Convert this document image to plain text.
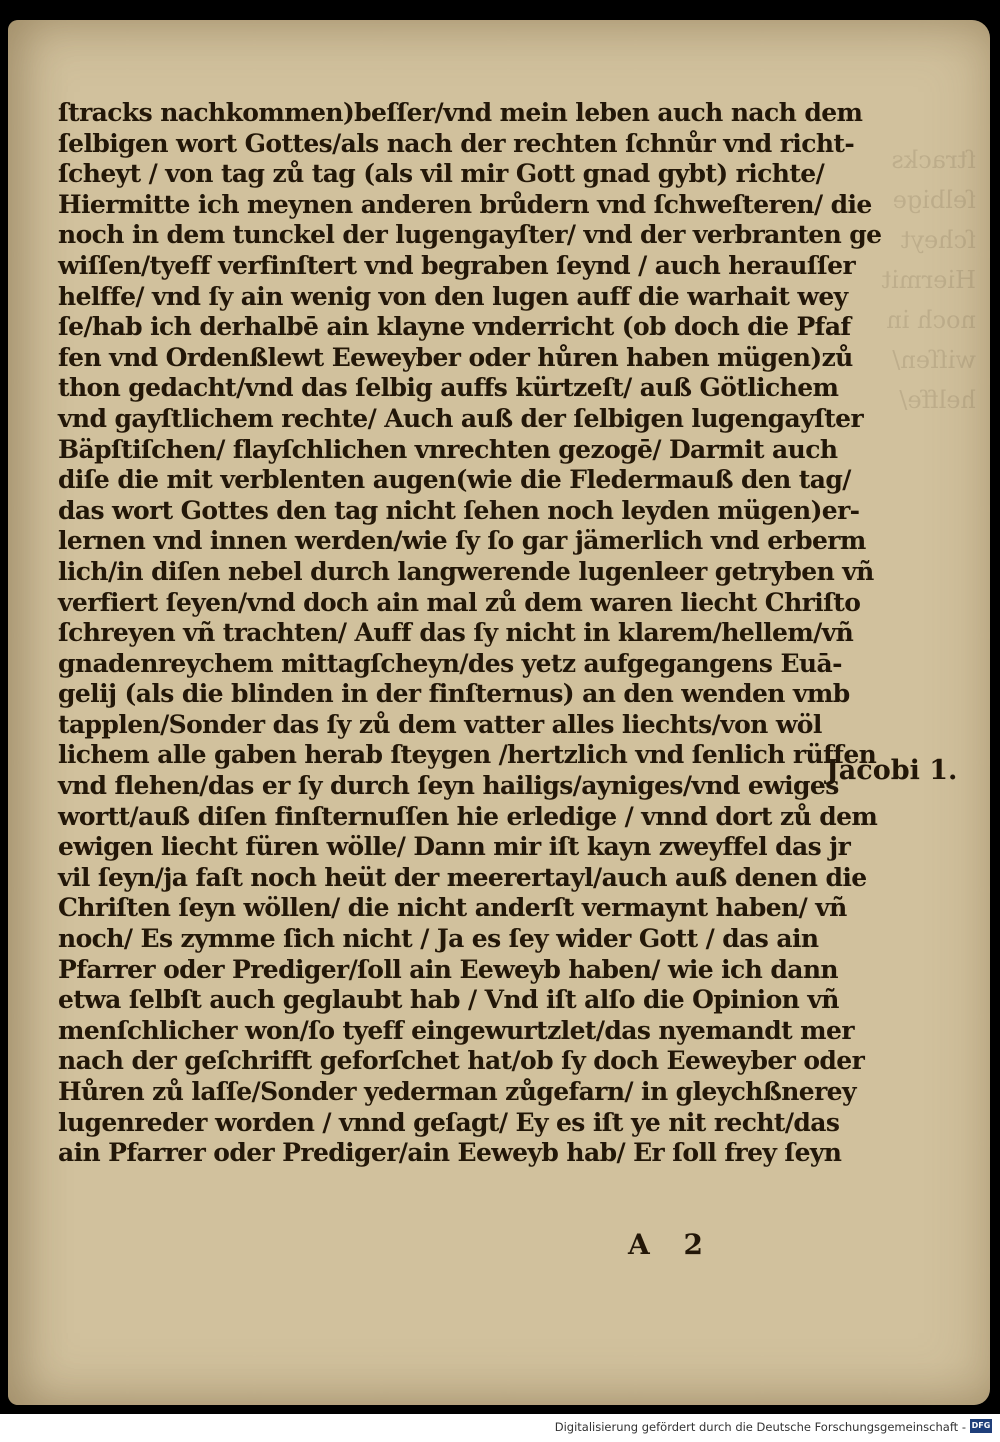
ſtracks
ſelbige
ſcheyt
Hiermit
noch in
wiſſen/
helffe/
ſtracks nachkommen)beſſer/vnd mein leben auch nach dem
ſelbigen wort Gottes/als nach der rechten ſchnůr vnd richt-
ſcheyt / von tag zů tag (als vil mir Gott gnad gybt) richte/
Hiermitte ich meynen anderen brůdern vnd ſchweſteren/ die
noch in dem tunckel der lugengayſter/ vnd der verbranten ge
wiſſen/tyeff verfinſtert vnd begraben ſeynd / auch herauſſer
helffe/ vnd ſy ain wenig von den lugen auff die warhait wey
ſe/hab ich derhalbē ain klayne vnderricht (ob doch die Pfaf
fen vnd Ordenßlewt Eeweyber oder hůren haben mügen)zů
thon gedacht/vnd das ſelbig auffs kürtzeſt/ auß Götlichem
vnd gayſtlichem rechte/ Auch auß der ſelbigen lugengayſter
Bäpſtiſchen/ flayſchlichen vnrechten gezogē/ Darmit auch
diſe die mit verblenten augen(wie die Fledermauß den tag/
das wort Gottes den tag nicht ſehen noch leyden mügen)er-
lernen vnd innen werden/wie ſy ſo gar jämerlich vnd erberm
lich/in diſen nebel durch langwerende lugenleer getryben vñ
verfiert ſeyen/vnd doch ain mal zů dem waren liecht Chriſto
ſchreyen vñ trachten/ Auff das ſy nicht in klarem/hellem/vñ
gnadenreychem mittagſcheyn/des yetz aufgegangens Euā-
gelij (als die blinden in der finſternus) an den wenden vmb
tapplen/Sonder das ſy zů dem vatter alles liechts/von wöl
lichem alle gaben herab ſteygen /hertzlich vnd ſenlich rüffen
vnd flehen/das er ſy durch ſeyn hailigs/ayniges/vnd ewiges
wortt/auß diſen finſternuſſen hie erledige / vnnd dort zů dem
ewigen liecht füren wölle/ Dann mir iſt kayn zweyffel das jr
vil ſeyn/ja faſt noch heüt der meerertayl/auch auß denen die
Chriſten ſeyn wöllen/ die nicht anderſt vermaynt haben/ vñ
noch/ Es zymme ſich nicht / Ja es ſey wider Gott / das ain
Pfarrer oder Prediger/ſoll ain Eeweyb haben/ wie ich dann
etwa ſelbſt auch geglaubt hab / Vnd iſt alſo die Opinion vñ
menſchlicher won/ſo tyeff eingewurtzlet/das nyemandt mer
nach der geſchrifft geforſchet hat/ob ſy doch Eeweyber oder
Hůren zů laſſe/Sonder yederman zůgefarn/ in gleychßnerey
lugenreder worden / vnnd geſagt/ Ey es iſt ye nit recht/das
ain Pfarrer oder Prediger/ain Eeweyb hab/ Er ſoll frey ſeyn
Jacobi 1.
A 2
Digitalisierung gefördert durch die Deutsche Forschungsgemeinschaft - DFG
